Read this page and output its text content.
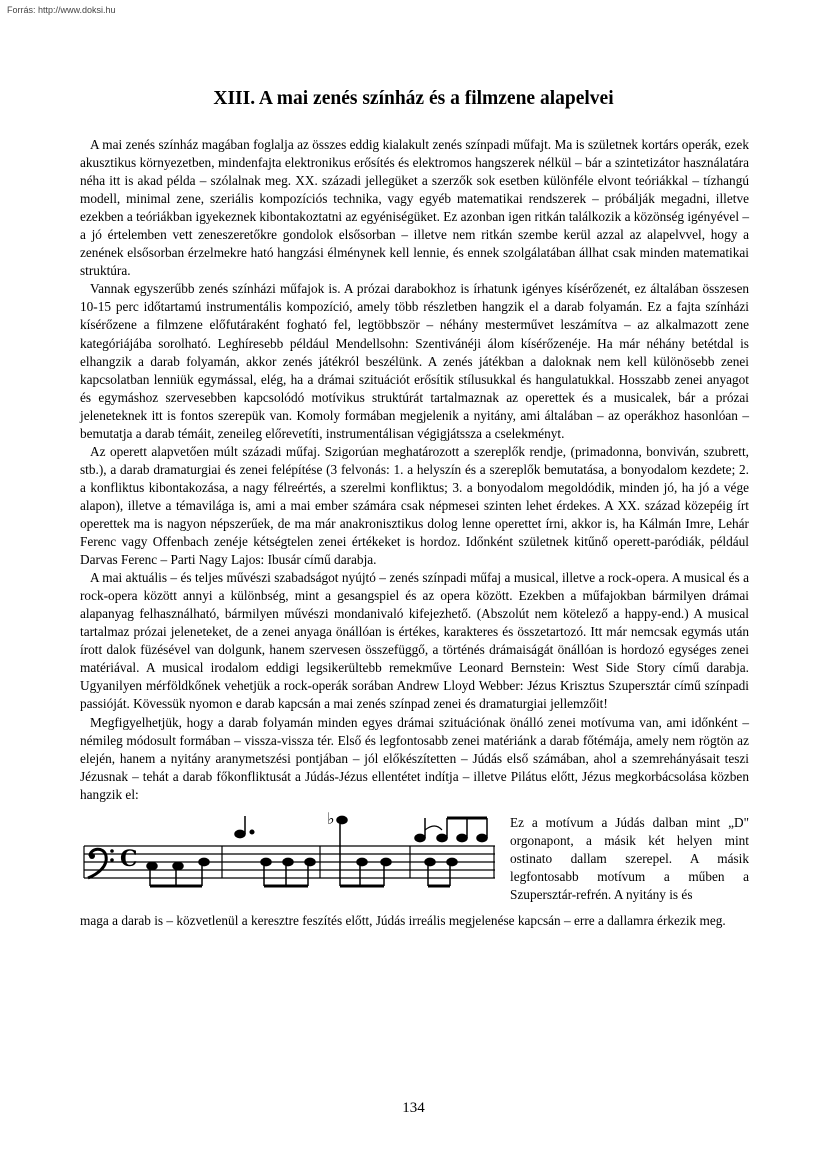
Forrás: http://www.doksi.hu
XIII. A mai zenés színház és a filmzene alapelvei

A mai zenés színház magában foglalja az összes eddig kialakult zenés színpadi műfajt. Ma is születnek kortárs operák, ezek akusztikus környezetben, mindenfajta elektronikus erősítés és elektromos hangszerek nélkül – bár a szintetizátor használatára néha itt is akad példa – szólalnak meg. XX. századi jellegüket a szerzők sok esetben különféle elvont teóriákkal – tízhangú modell, minimal zene, szeriális kompozíciós technika, vagy egyéb matematikai rendszerek – próbálják megadni, illetve ezekben a teóriákban igyekeznek kibontakoztatni az egyéniségüket. Ez azonban igen ritkán találkozik a közönség igényével – a jó értelemben vett zeneszeretőkre gondolok elsősorban – illetve nem ritkán szembe kerül azzal az alapelvvel, hogy a zenének elsősorban érzelmekre ható hangzási élménynek kell lennie, és ennek szolgálatában állhat csak minden matematikai struktúra.

Vannak egyszerűbb zenés színházi műfajok is. A prózai darabokhoz is írhatunk igényes kísérőzenét, ez általában összesen 10-15 perc időtartamú instrumentális kompozíció, amely több részletben hangzik el a darab folyamán. Ez a fajta színházi kísérőzene a filmzene előfutáraként fogható fel, legtöbbször – néhány mesterművet leszámítva – az alkalmazott zene kategóriájába sorolható. Leghíresebb például Mendellsohn: Szentivánéji álom kísérőzenéje. Ha már néhány betétdal is elhangzik a darab folyamán, akkor zenés játékról beszélünk. A zenés játékban a daloknak nem kell különösebb zenei kapcsolatban lenniük egymással, elég, ha a drámai szituációt erősítik stílusukkal és hangulatukkal. Hosszabb zenei anyagot és egymáshoz szervesebben kapcsolódó motívikus struktúrát tartalmaznak az operettek és a musicalek, bár a prózai jeleneteknek itt is fontos szerepük van. Komoly formában megjelenik a nyitány, ami általában – az operákhoz hasonlóan – bemutatja a darab témáit, zeneileg előrevetíti, instrumentálisan végigjátssza a cselekményt.

Az operett alapvetően múlt századi műfaj. Szigorúan meghatározott a szereplők rendje, (primadonna, bonviván, szubrett, stb.), a darab dramaturgiai és zenei felépítése (3 felvonás: 1. a helyszín és a szereplők bemutatása, a bonyodalom kezdete; 2. a konfliktus kibontakozása, a nagy félreértés, a szerelmi konfliktus; 3. a bonyodalom megoldódik, minden jó, ha jó a vége alapon), illetve a témavilága is, ami a mai ember számára csak népmesei szinten lehet érdekes. A XX. század közepéig írt operettek ma is nagyon népszerűek, de ma már anakronisztikus dolog lenne operettet írni, akkor is, ha Kálmán Imre, Lehár Ferenc vagy Offenbach zenéje kétségtelen zenei értékeket is hordoz. Időnként születnek kitűnő operett-paródiák, például Darvas Ferenc – Parti Nagy Lajos: Ibusár című darabja.

A mai aktuális – és teljes művészi szabadságot nyújtó – zenés színpadi műfaj a musical, illetve a rock-opera. A musical és a rock-opera között annyi a különbség, mint a gesangspiel és az opera között. Ezekben a műfajokban bármilyen drámai alapanyag felhasználható, bármilyen művészi mondanivaló kifejezhető. (Abszolút nem kötelező a happy-end.) A musical tartalmaz prózai jeleneteket, de a zenei anyaga önállóan is értékes, karakteres és összetartozó. Itt már nemcsak egymás után írott dalok füzésével van dolgunk, hanem szervesen összefüggő, a történés drámaiságát önállóan is hordozó egységes zenei matériával. A musical irodalom eddigi legsikerültebb remekműve Leonard Bernstein: West Side Story című darabja. Ugyanilyen mérföldkőnek vehetjük a rock-operák sorában Andrew Lloyd Webber: Jézus Krisztus Szupersztár című színpadi passióját. Kövessük nyomon e darab kapcsán a mai zenés színpad zenei és dramaturgiai jellemzőit!

Megfigyelhetjük, hogy a darab folyamán minden egyes drámai szituációnak önálló zenei motívuma van, ami időnként – némileg módosult formában – vissza-vissza tér. Első és legfontosabb zenei matériánk a darab főtémája, amely nem rögtön az elején, hanem a nyitány aranymetszési pontjában – jól előkészítetten – Júdás első számában, ahol a szemrehányásait teszi Jézusnak – tehát a darab főkonfliktusát a Júdás-Jézus ellentétet indítja – illetve Pilátus előtt, Jézus megkorbácsolása közben hangzik el:

C
♭	Ez a motívum a Júdás dalban mint „D" orgonapont, a másik két helyen mint ostinato dallam szerepel. A másik legfontosabb motívum a műben a Szupersztár-refrén. A nyitány is és

maga a darab is – közvetlenül a keresztre feszítés előtt, Júdás irreális megjelenése kapcsán – erre a dallamra érkezik meg.

134
